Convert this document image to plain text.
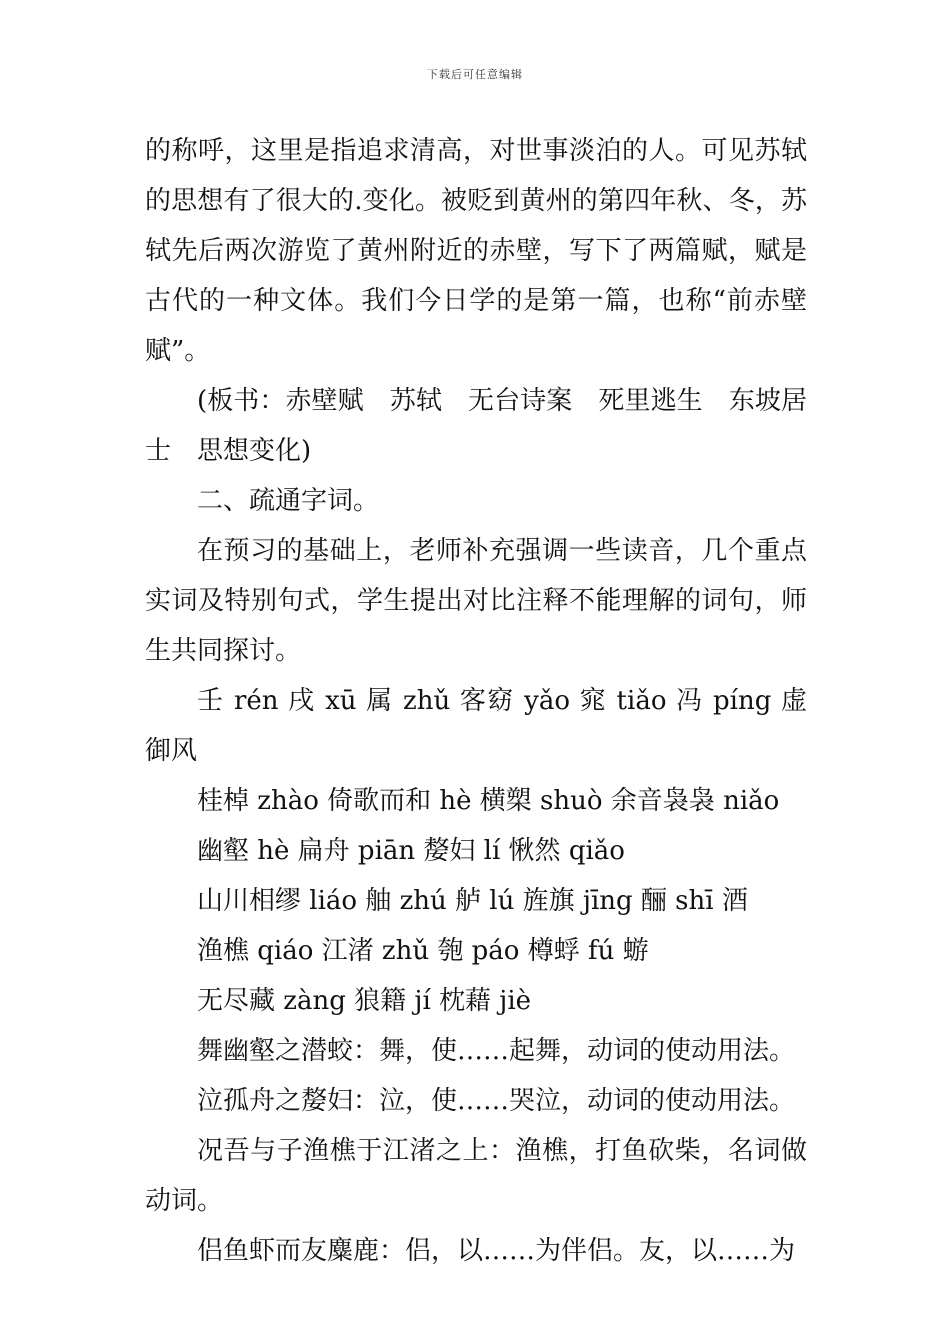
下载后可任意编辑

的称呼，这里是指追求清高，对世事淡泊的人。可见苏轼的思想有了很大的.变化。被贬到黄州的第四年秋、冬，苏轼先后两次游览了黄州附近的赤壁，写下了两篇赋，赋是古代的一种文体。我们今日学的是第一篇，也称“前赤壁赋”。

(板书：赤壁赋　苏轼　无台诗案　死里逃生　东坡居士　思想变化)

二、疏通字词。

在预习的基础上，老师补充强调一些读音，几个重点实词及特别句式，学生提出对比注释不能理解的词句，师生共同探讨。

壬 rén 戌 xū 属 zhǔ 客窈 yǎo 窕 tiǎo 冯 píng 虚御风

桂棹 zhào 倚歌而和 hè 横槊 shuò 余音袅袅 niǎo

幽壑 hè 扁舟 piān 嫠妇 lí 愀然 qiǎo

山川相缪 liáo 舳 zhú 舻 lú 旌旗 jīng 酾 shī 酒

渔樵 qiáo 江渚 zhǔ 匏 páo 樽蜉 fú 蝣

无尽藏 zàng 狼籍 jí 枕藉 jiè

舞幽壑之潜蛟：舞，使……起舞，动词的使动用法。

泣孤舟之嫠妇：泣，使……哭泣，动词的使动用法。

况吾与子渔樵于江渚之上：渔樵，打鱼砍柴，名词做动词。

侣鱼虾而友麋鹿：侣，以……为伴侣。友，以……为
